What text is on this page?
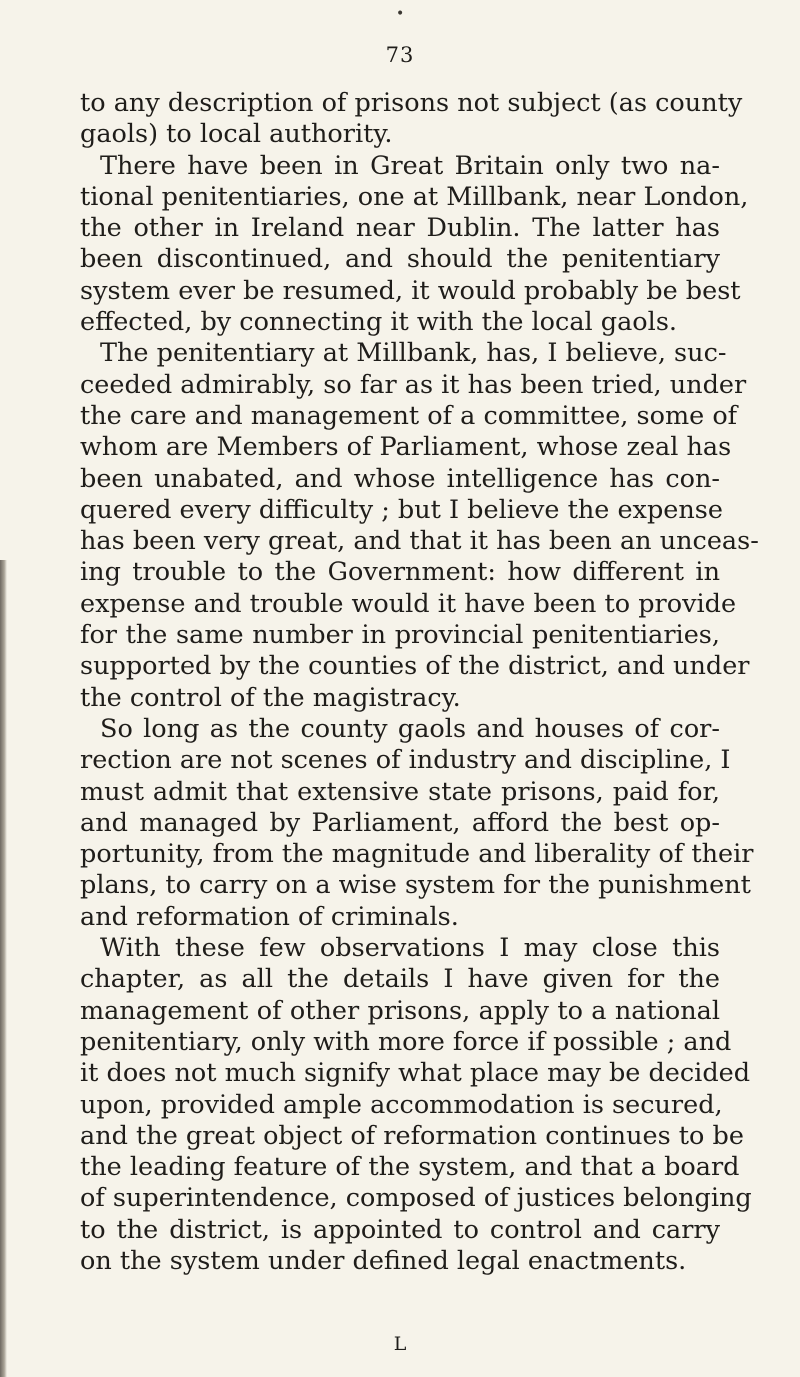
•
73
to any description of prisons not subject (as county
gaols) to local authority.
There have been in Great Britain only two na-
tional penitentiaries, one at Millbank, near London,
the other in Ireland near Dublin. The latter has
been discontinued, and should the penitentiary
system ever be resumed, it would probably be best
effected, by connecting it with the local gaols.
The penitentiary at Millbank, has, I believe, suc-
ceeded admirably, so far as it has been tried, under
the care and management of a committee, some of
whom are Members of Parliament, whose zeal has
been unabated, and whose intelligence has con-
quered every difficulty ; but I believe the expense
has been very great, and that it has been an unceas-
ing trouble to the Government: how different in
expense and trouble would it have been to provide
for the same number in provincial penitentiaries,
supported by the counties of the district, and under
the control of the magistracy.
So long as the county gaols and houses of cor-
rection are not scenes of industry and discipline, I
must admit that extensive state prisons, paid for,
and managed by Parliament, afford the best op-
portunity, from the magnitude and liberality of their
plans, to carry on a wise system for the punishment
and reformation of criminals.
With these few observations I may close this
chapter, as all the details I have given for the
management of other prisons, apply to a national
penitentiary, only with more force if possible ; and
it does not much signify what place may be decided
upon, provided ample accommodation is secured,
and the great object of reformation continues to be
the leading feature of the system, and that a board
of superintendence, composed of justices belonging
to the district, is appointed to control and carry
on the system under defined legal enactments.
L
